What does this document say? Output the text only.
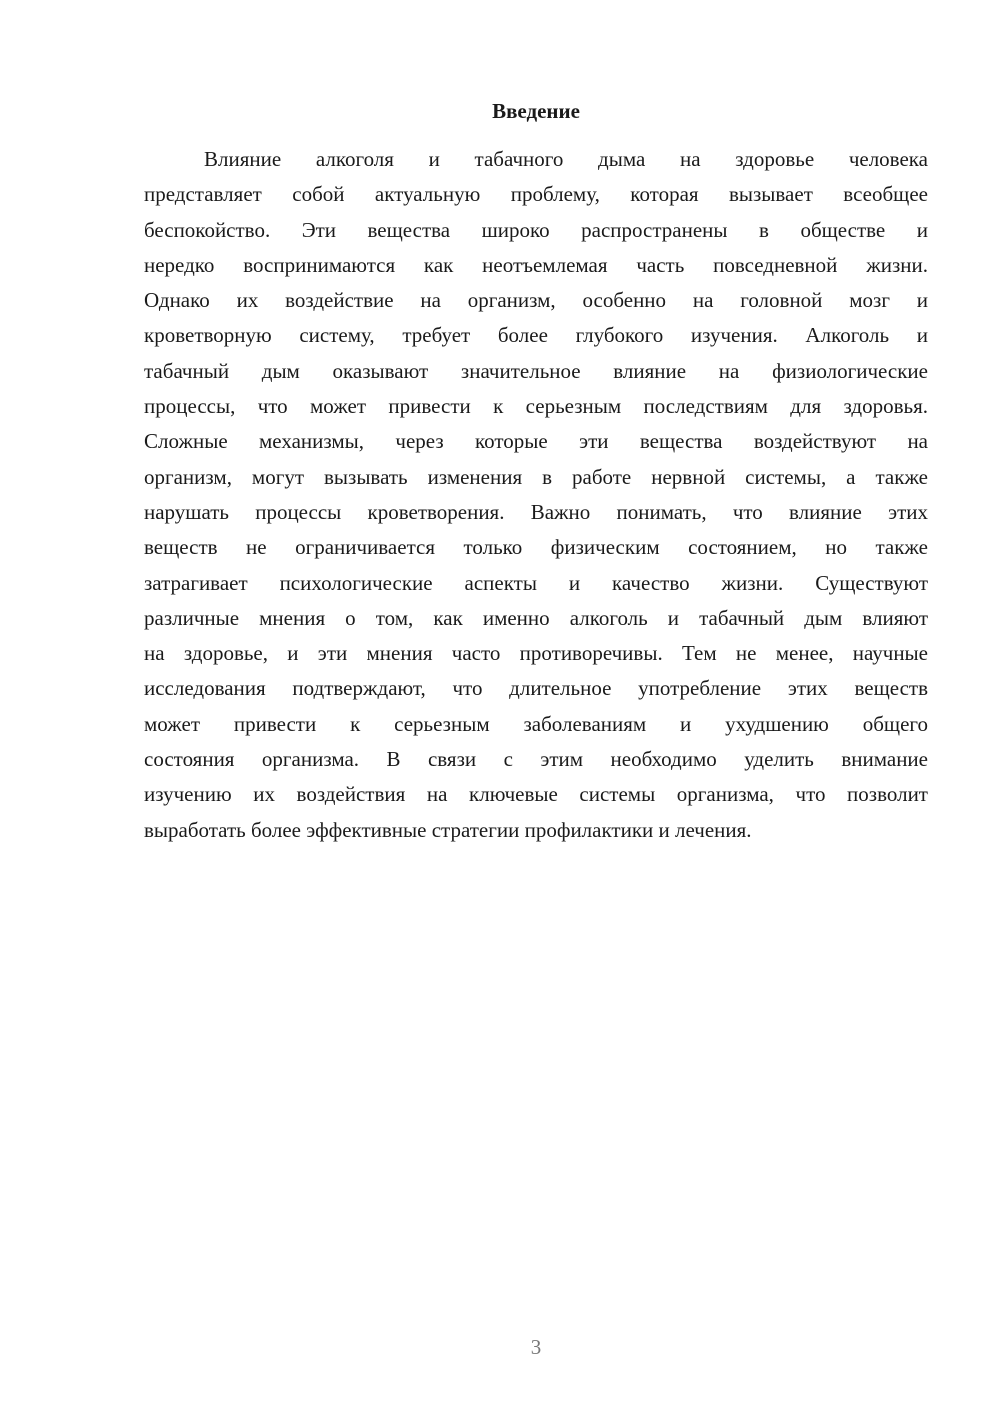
Введение
Влияние алкоголя и табачного дыма на здоровье человека
представляет собой актуальную проблему, которая вызывает всеобщее
беспокойство. Эти вещества широко распространены в обществе и
нередко воспринимаются как неотъемлемая часть повседневной жизни.
Однако их воздействие на организм, особенно на головной мозг и
кроветворную систему, требует более глубокого изучения. Алкоголь и
табачный дым оказывают значительное влияние на физиологические
процессы, что может привести к серьезным последствиям для здоровья.
Сложные механизмы, через которые эти вещества воздействуют на
организм, могут вызывать изменения в работе нервной системы, а также
нарушать процессы кроветворения. Важно понимать, что влияние этих
веществ не ограничивается только физическим состоянием, но также
затрагивает психологические аспекты и качество жизни. Существуют
различные мнения о том, как именно алкоголь и табачный дым влияют
на здоровье, и эти мнения часто противоречивы. Тем не менее, научные
исследования подтверждают, что длительное употребление этих веществ
может привести к серьезным заболеваниям и ухудшению общего
состояния организма. В связи с этим необходимо уделить внимание
изучению их воздействия на ключевые системы организма, что позволит
выработать более эффективные стратегии профилактики и лечения.
3
